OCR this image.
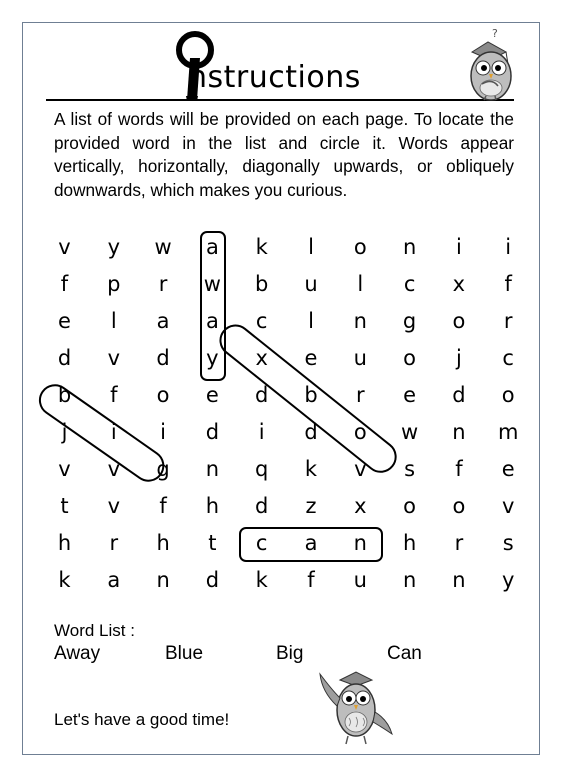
nstructions
?
A list of words will be provided on each page. To locate the provided word in the list and circle it. Words appear vertically, horizontally, diagonally upwards, or obliquely downwards, which makes you curious.
v	y	w	a	k	l	o	n	i	i
f	p	r	w	b	u	l	c	x	f
e	l	a	a	c	l	n	g	o	r
d	v	d	y	x	e	u	o	j	c
b	f	o	e	d	b	r	e	d	o
j	i	i	d	i	d	o	w	n	m
v	v	g	n	q	k	v	s	f	e
t	v	f	h	d	z	x	o	o	v
h	r	h	t	c	a	n	h	r	s
k	a	n	d	k	f	u	n	n	y
Word List :
Away	Blue	Big	Can
Let's have a good time!
